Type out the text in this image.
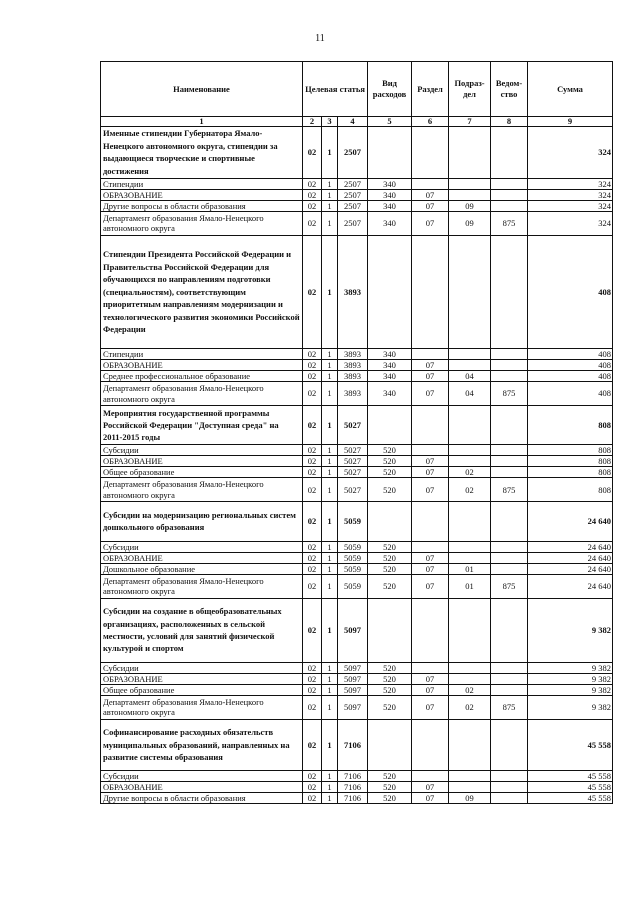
11
Наименование	Целевая статья			Вид расходов	Раздел	Подраз-дел	Ведом-ство	Сумма
1	2	3	4	5	6	7	8	9
Именные стипендии Губернатора Ямало-Ненецкого автономного округа, стипендии за выдающиеся творческие и спортивные достижения	02	1	2507					324
Стипендии	02	1	2507	340				324
ОБРАЗОВАНИЕ	02	1	2507	340	07			324
Другие вопросы в области образования	02	1	2507	340	07	09		324
Департамент образования Ямало-Ненецкого автономного округа	02	1	2507	340	07	09	875	324
Стипендии Президента Российской Федерации и Правительства Российской Федерации для обучающихся по направлениям подготовки (специальностям), соответствующим приоритетным направлениям модернизации и технологического развития экономики Российской Федерации	02	1	3893					408
Стипендии	02	1	3893	340				408
ОБРАЗОВАНИЕ	02	1	3893	340	07			408
Среднее профессиональное образование	02	1	3893	340	07	04		408
Департамент образования Ямало-Ненецкого автономного округа	02	1	3893	340	07	04	875	408
Мероприятия государственной программы Российской Федерации "Доступная среда" на 2011-2015 годы	02	1	5027					808
Субсидии	02	1	5027	520				808
ОБРАЗОВАНИЕ	02	1	5027	520	07			808
Общее образование	02	1	5027	520	07	02		808
Департамент образования Ямало-Ненецкого автономного округа	02	1	5027	520	07	02	875	808
Субсидии на модернизацию региональных систем дошкольного образования	02	1	5059					24 640
Субсидии	02	1	5059	520				24 640
ОБРАЗОВАНИЕ	02	1	5059	520	07			24 640
Дошкольное образование	02	1	5059	520	07	01		24 640
Департамент образования Ямало-Ненецкого автономного округа	02	1	5059	520	07	01	875	24 640
Субсидии на создание в общеобразовательных организациях, расположенных в сельской местности, условий для занятий физической культурой и спортом	02	1	5097					9 382
Субсидии	02	1	5097	520				9 382
ОБРАЗОВАНИЕ	02	1	5097	520	07			9 382
Общее образование	02	1	5097	520	07	02		9 382
Департамент образования Ямало-Ненецкого автономного округа	02	1	5097	520	07	02	875	9 382
Софинансирование расходных обязательств муниципальных образований, направленных на развитие системы образования	02	1	7106					45 558
Субсидии	02	1	7106	520				45 558
ОБРАЗОВАНИЕ	02	1	7106	520	07			45 558
Другие вопросы в области образования	02	1	7106	520	07	09		45 558
